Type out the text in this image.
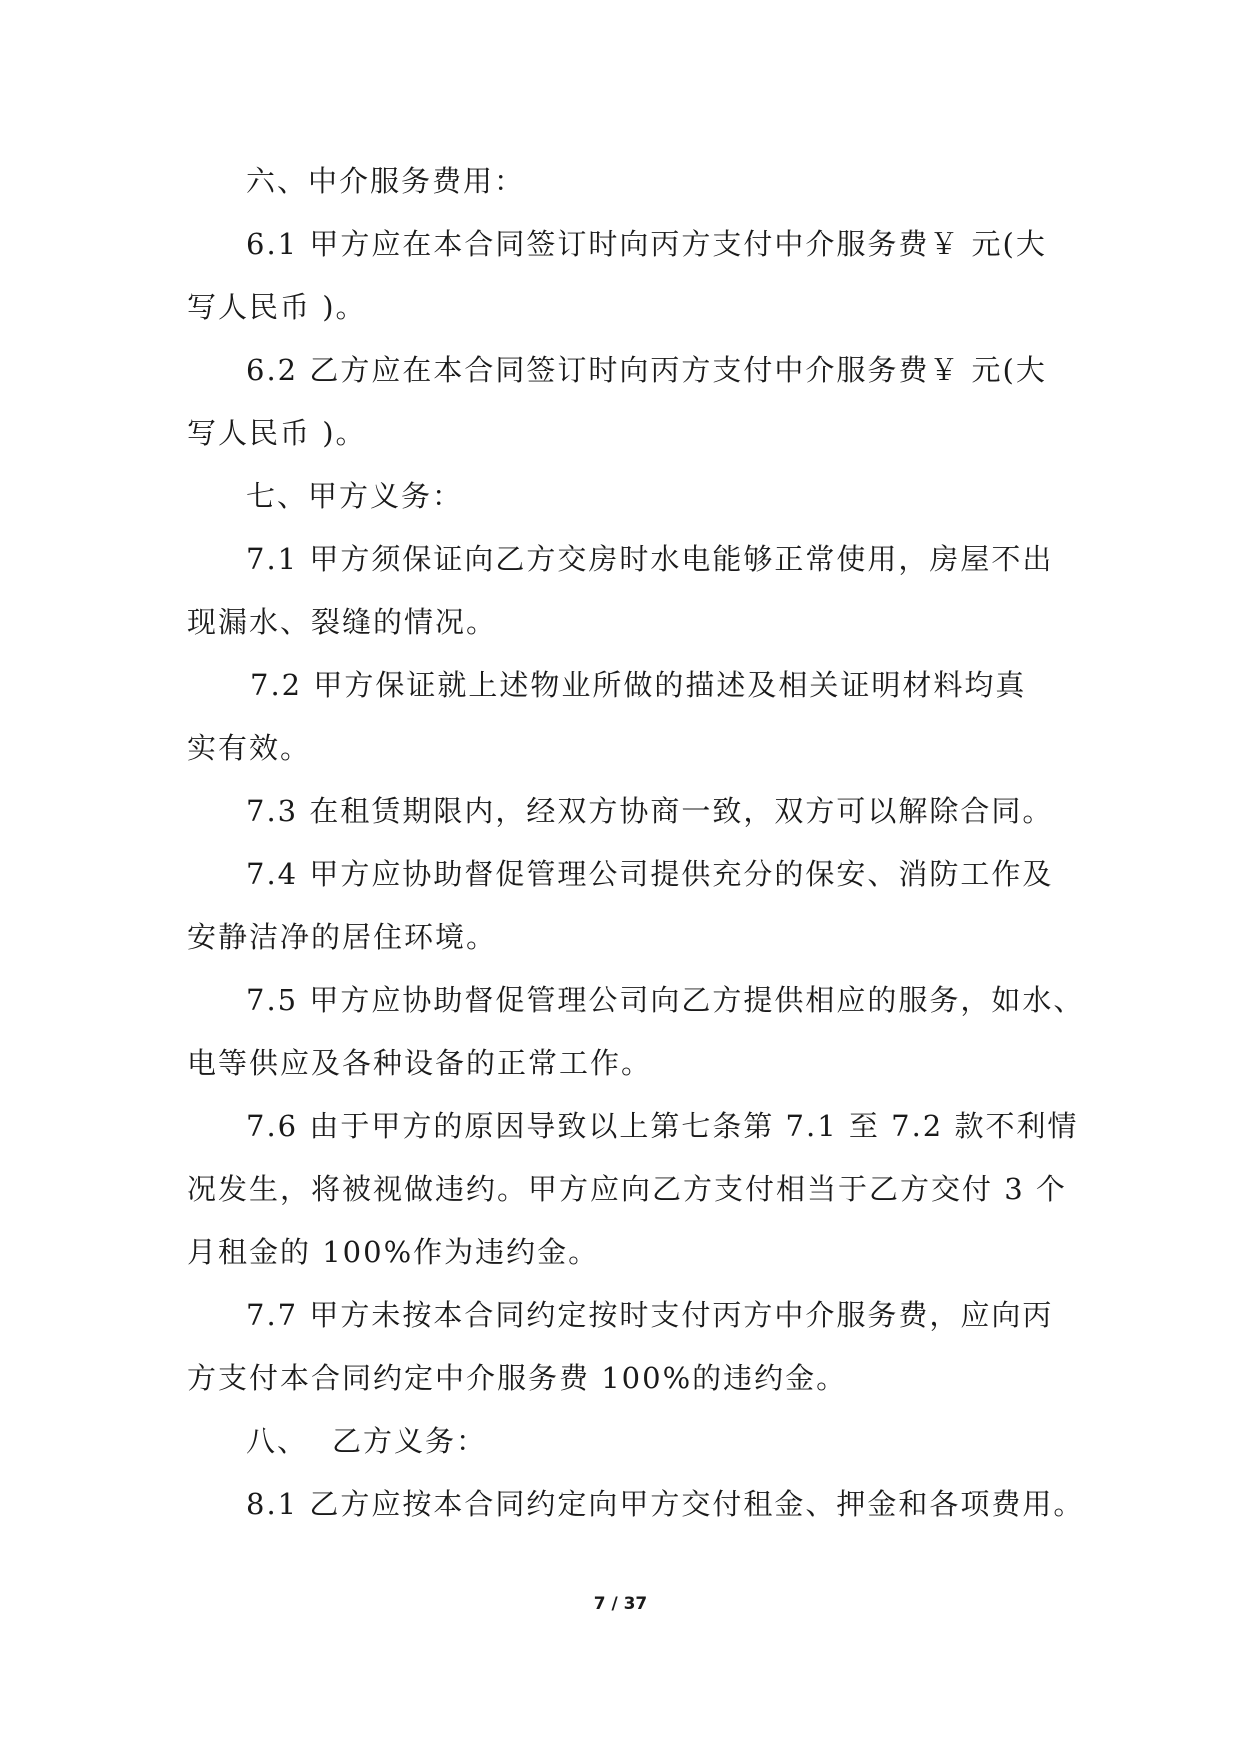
六、中介服务费用：
6.1 甲方应在本合同签订时向丙方支付中介服务费￥ 元(大
写人民币 )。
6.2 乙方应在本合同签订时向丙方支付中介服务费￥ 元(大
写人民币 )。
七、甲方义务：
7.1 甲方须保证向乙方交房时水电能够正常使用，房屋不出
现漏水、裂缝的情况。
7.2 甲方保证就上述物业所做的描述及相关证明材料均真
实有效。
7.3 在租赁期限内，经双方协商一致，双方可以解除合同。
7.4 甲方应协助督促管理公司提供充分的保安、消防工作及
安静洁净的居住环境。
7.5 甲方应协助督促管理公司向乙方提供相应的服务，如水、
电等供应及各种设备的正常工作。
7.6 由于甲方的原因导致以上第七条第 7.1 至 7.2 款不利情
况发生，将被视做违约。甲方应向乙方支付相当于乙方交付 3 个
月租金的 100%作为违约金。
7.7 甲方未按本合同约定按时支付丙方中介服务费，应向丙
方支付本合同约定中介服务费 100%的违约金。
八、 乙方义务：
8.1 乙方应按本合同约定向甲方交付租金、押金和各项费用。
7 / 37
